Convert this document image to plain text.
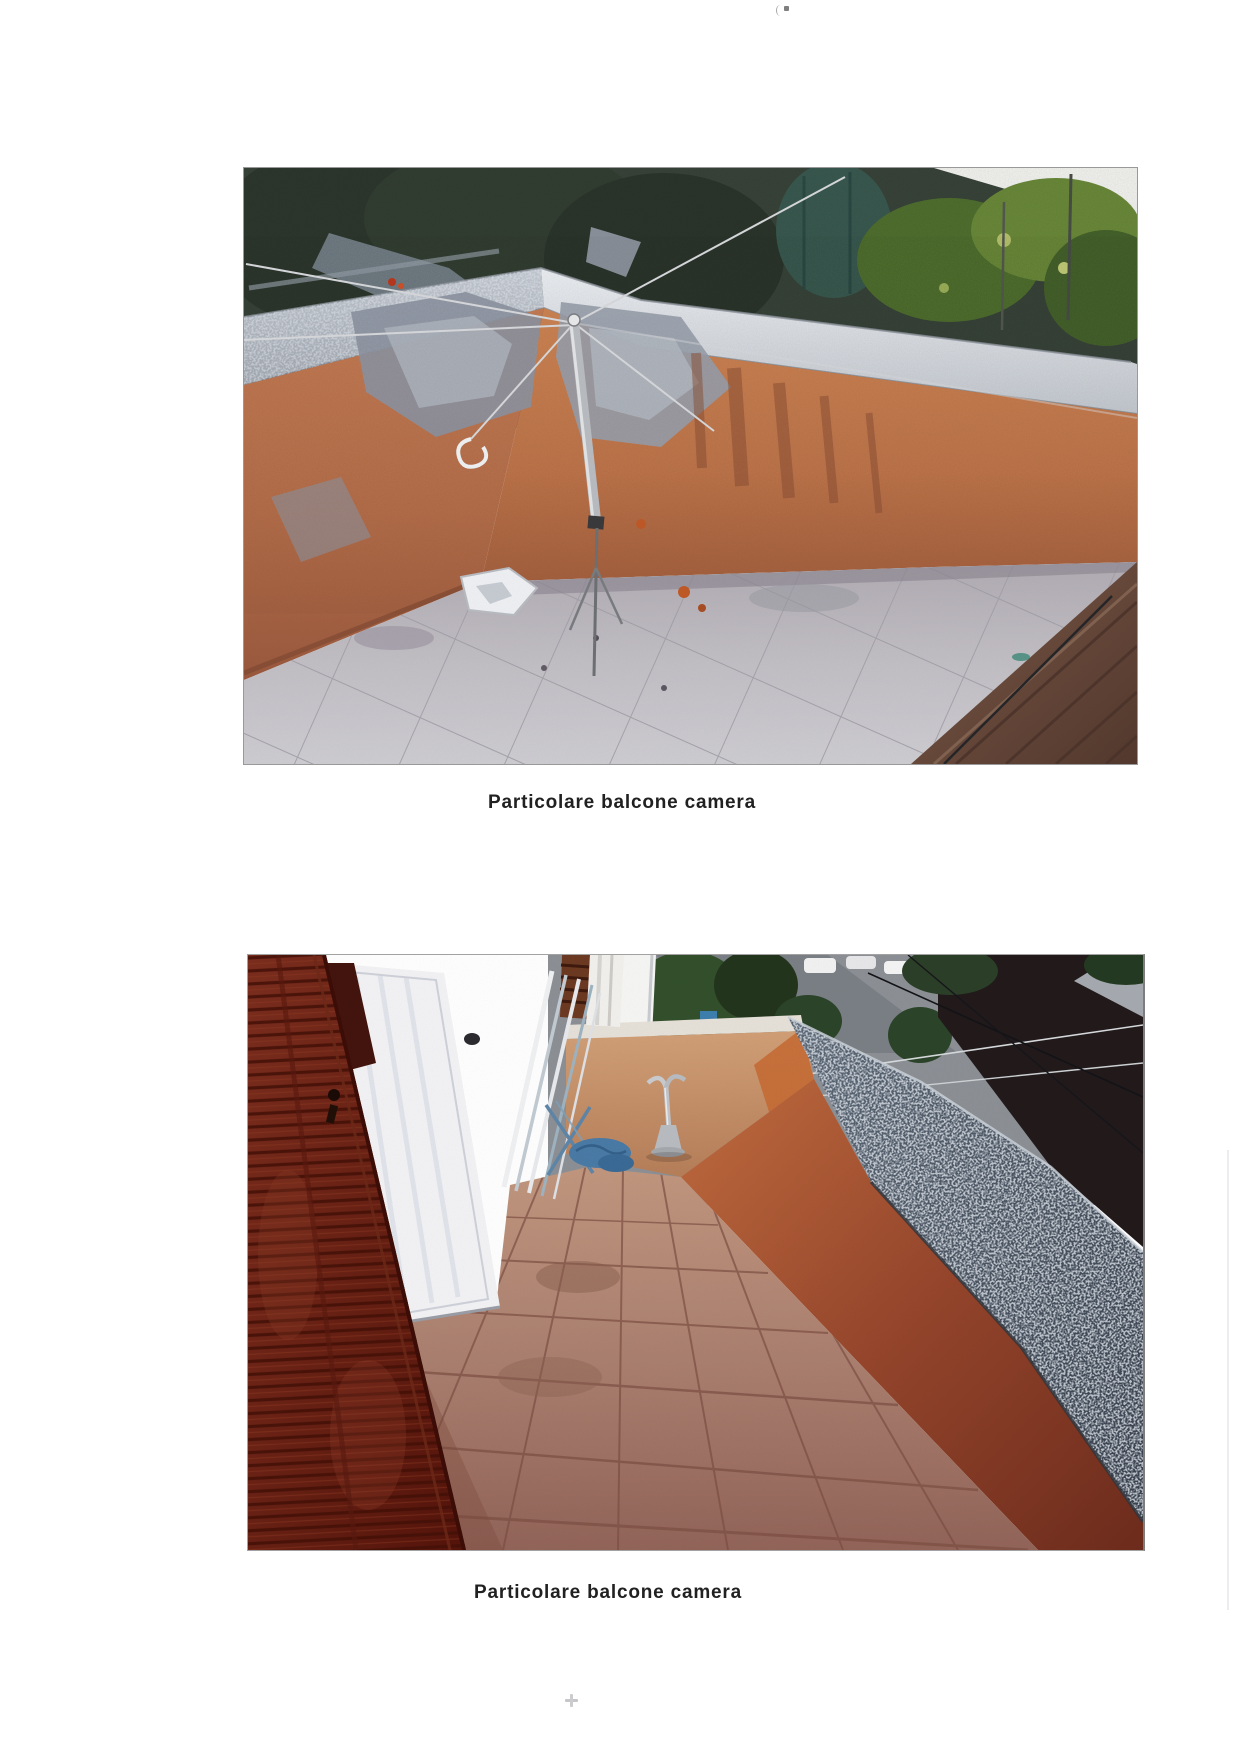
Particolare balcone camera
Particolare balcone camera
